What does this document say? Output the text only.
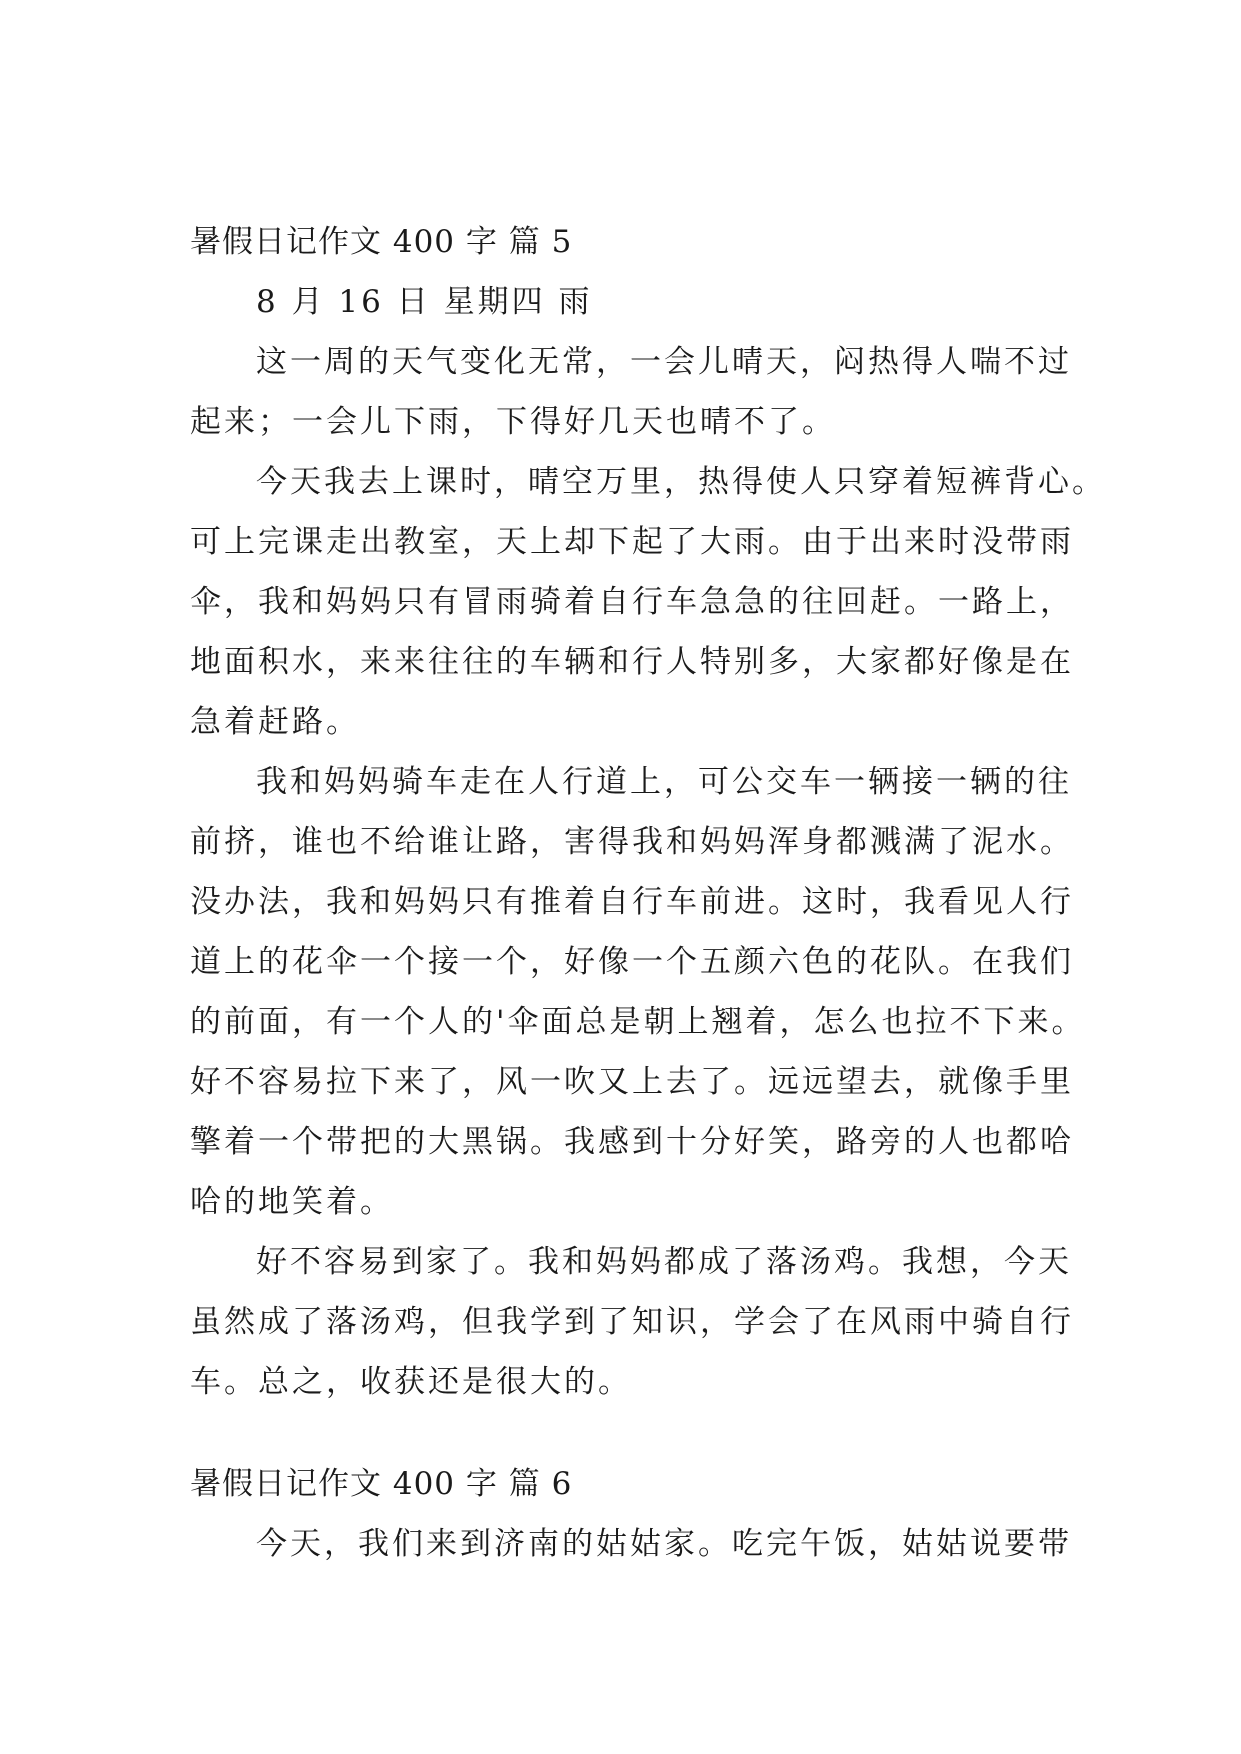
暑假日记作文 400 字 篇 5
8 月 16 日 星期四 雨
这一周的天气变化无常，一会儿晴天，闷热得人喘不过
起来；一会儿下雨，下得好几天也晴不了。
今天我去上课时，晴空万里，热得使人只穿着短裤背心。
可上完课走出教室，天上却下起了大雨。由于出来时没带雨
伞，我和妈妈只有冒雨骑着自行车急急的往回赶。一路上，
地面积水，来来往往的车辆和行人特别多，大家都好像是在
急着赶路。
我和妈妈骑车走在人行道上，可公交车一辆接一辆的往
前挤，谁也不给谁让路，害得我和妈妈浑身都溅满了泥水。
没办法，我和妈妈只有推着自行车前进。这时，我看见人行
道上的花伞一个接一个，好像一个五颜六色的花队。在我们
的前面，有一个人的'伞面总是朝上翘着，怎么也拉不下来。
好不容易拉下来了，风一吹又上去了。远远望去，就像手里
擎着一个带把的大黑锅。我感到十分好笑，路旁的人也都哈
哈的地笑着。
好不容易到家了。我和妈妈都成了落汤鸡。我想，今天
虽然成了落汤鸡，但我学到了知识，学会了在风雨中骑自行
车。总之，收获还是很大的。
暑假日记作文 400 字 篇 6
今天，我们来到济南的姑姑家。吃完午饭，姑姑说要带
